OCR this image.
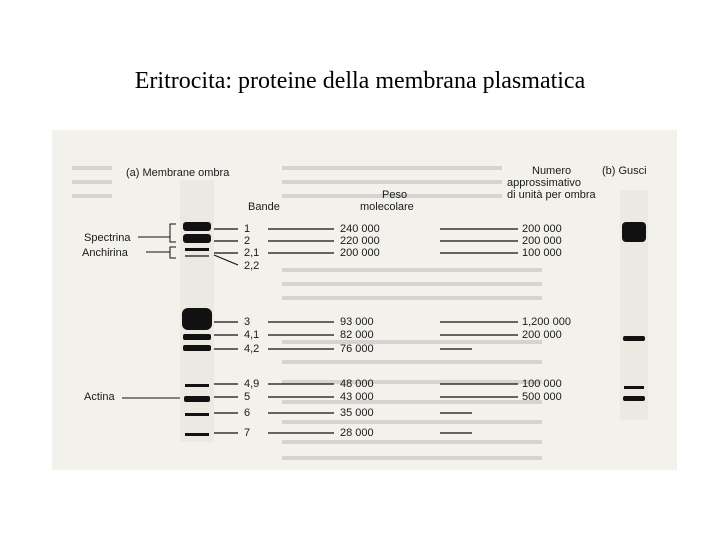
Eritrocita: proteine della membrana plasmatica
(a) Membrane ombra	(b) Gusci
Bande
Peso
molecolare
Numero
approssimativo
di unità per ombra
Spectrina
Anchirina
Actina
1	240 000	200 000
2	220 000	200 000
2,1	200 000	100 000
2,2
3	93 000	1,200 000
4,1	82 000	200 000
4,2	76 000
4,9	48 000	100 000
5	43 000	500 000
6	35 000
7	28 000
